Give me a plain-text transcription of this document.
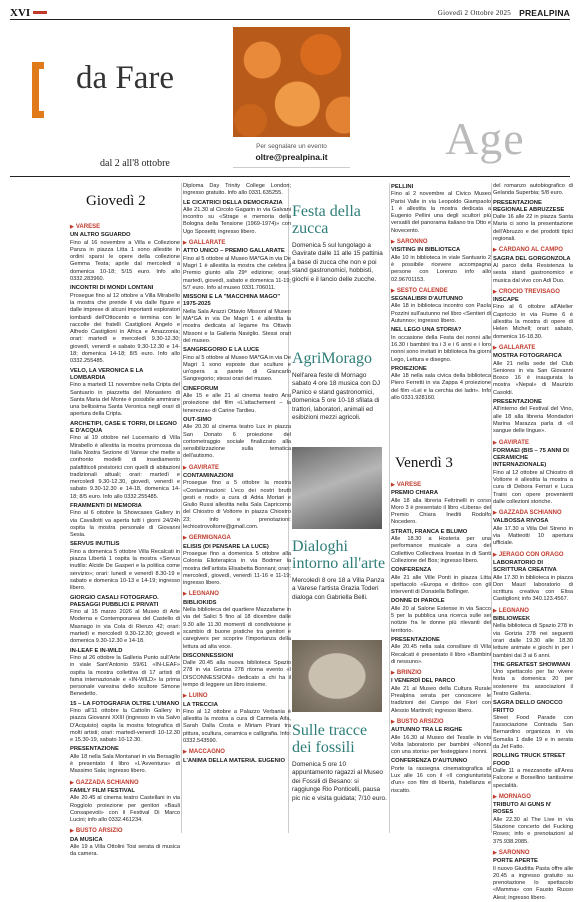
XVI	Giovedì 2 Ottobre 2025 PREALPINA
da Fare
dal 2 all'8 ottobre
Per segnalare un evento
oltre@prealpina.it	Age
Giovedì 2
▶ VARESE
UN ALTRO SGUARDO
Fino al 16 novembre a Villa e Collezione Panza in piazza Litta 1 sono allestite in ordini sparsi le opere della collezione Gemma Testa; aprile dal mercoledì a domenica 10-18; 5/15 euro. Info allo 0332.283960.
INCONTRI DI MONDI LONTANI
Prosegue fino al 12 ottobre a Villa Mirabello la mostra che prende il via dalle figure e dalle imprese di alcuni importanti esploratori lombardi dell'Ottocento e termina con le raccolte dei fratelli Castiglioni Angelo e Alfredo Castiglioni in Africa e Amazzonia; orari: martedì e mercoledì 9.30-12.30; giovedì, venerdì e sabato 9.30-12.30 e 14-18; domenica 14-18; 8/5 euro. Info allo 0332.255485.
VELO, LA VERONICA E LA LOMBARDIA
Fino a martedì 11 novembre nella Cripta del Santuario in piazzetta del Monastero di Santa Maria del Monte è possibile ammirare una bellissima Santa Veronica negli orari di apertura della Cripta.
ARCHETIPI, CASE E TORRI, DI LEGNO E D'ACQUA
Fino al 19 ottobre nel Lucernario di Villa Mirabello è allestita la mostra promossa da Italia Nostra Sezione di Varese che mette a confronto modelli di insediamento palafitticoli preistorici con quelli di abitazioni tradizionali attuali; orari: martedì e mercoledì 9.30-12.30, giovedì, venerdì e sabato 9.30-12.30 e 14-18, domenica 14-18; 8/5 euro. Info allo 0332.255485.
FRAMMENTI DI MEMORIA
Fino al 6 ottobre la Showcases Gallery in via Cavallotti va aperta tutti i giorni 24/24h ospita la mostra personale di Giovanni Sesia.
SERVUS INUTILIS
Fino a domenica 5 ottobre Villa Recalcati in piazza Libertà 1 ospita la mostra «Servus inutilis: Alcide De Gasperi e la politica come servizio»; orari: lunedì e venerdì 8.30-19 e sabato e domenica 10-13 e 14-19; ingresso libero.
GIORGIO CASALI FOTOGRAFO. PAESAGGI PUBBLICI E PRIVATI
Fino al 15 marzo 2026 al Museo di Arte Moderna e Contemporanea del Castello di Masnago in via Cola di Rienzo 42; orari: martedì e mercoledì 9.30-12.30; giovedì e domenica 9.30-12.30 e 14-18.
IN-LEAF E IN-WILD
Fino al 26 ottobre la Galleria Punto sull'Arte in viale Sant'Antonio 59/61 «IN-LEAF» ospita la mostra collettiva di 17 artisti di fama internazionale e «IN-WILD» la prima personale varesina dello scultore Simone Benedetto.
15 – LA FOTOGRAFIA OLTRE L'UMANO
Fino all'11 ottobre la Cattolin Gallery in piazza Giovanni XXIII (ingresso in via Salvo D'Acquisto) ospita la mostra fotografica di molti artisti; orari: martedì-venerdì 10-12.30 e 15.30-19, sabato 10-12.30.
PRESENTAZIONE
Alle 18 nella Sala Montanari in via Bersaglio è presentato il libro «L'Avventura» di Massimo Sala; ingresso libero.
▶ GAZZADA SCHIANNO
FAMILY FILM FESTIVAL
Alle 20.45 al cinema teatro Castellani in via Roggiolo proiezione per genitori «Bauli Consapevoli» con il Festival Di Marco Lucini; info allo 0332.461234.
▶ BUSTO ARSIZIO
DA MUSICA
Alle 19 a Villa Ottolini Tosi serata di musica da camera.
Diploma Day Trinity College London; ingresso gratuito. Info allo 0331.635255.
LE CICATRICI DELLA DEMOCRAZIA
Alle 21.30 al Circolo Gagarin in via Galvani incontro su «Strage e memoria della Bologna della Tensione (1969-1974)» con Ugo Sposetti; ingresso libero.
▶ GALLARATE
ATTO UNICO – PREMIO GALLARATE
Fino al 5 ottobre al Museo MA*GA in via De Magri 1 è allestita la mostra che celebra il Premio giunto alla 29ª edizione; orari: martedì, giovedì, sabato e domenica 11-19; 5/7 euro. Info al museo 0331.706011.
MISSONI E LA "MACCHINA MAGO" 1975-2025
Nella Sala Arazzi Ottavio Missoni al Museo MA*GA in via De Magri 1 è allestita la mostra dedicata al legame fra Ottavio Missoni e la Galleria Naviglio. Stessi orari del museo.
SANGREGORIO E LA LUCE
Fino al 5 ottobre al Museo MA*GA in via De Magri 1 sono esposte due sculture e un'opera a parete di Giancarlo Sangregorio; stessi orari del museo.
CINEFORUM
Alle 15 e alle 21 al cinema teatro Arsi proiezione del film «L'attachement – la tenerezza» di Carine Tardieu.
OUT-SIMO
Alle 20.30 al cinema teatro Lux in piazza San Donato 6 proiezione del cortometraggio sociale finalizzato alla sensibilizzazione sulla tematica dell'autismo.
▶ GAVIRATE
CONTAMINAZIONI
Prosegue fino a 5 ottobre la mostra «Contaminazioni: L'eco dei nostri brutti gesti e nodi» a cura di Adria Mortari e Giulio Russi allestita nella Sala Capricorno del Chiostro di Voltorre in piazza Chiostro 23; info e prenotazioni: lechiostrovoltorre@gmail.com.
▶ GERMIGNAGA
ELISIS (DI PENSARE LA LUCE)
Prosegue fino a domenica 5 ottobre alla Colonia Elioterapica in via Bodmer la mostra dell'artista Elisabetta Bonnani; orari: mercoledì, giovedì, venerdì 11-16 e 11-19; ingresso libero.
▶ LEGNANO
BIBLIOKIDS
Nella biblioteca del quartiere Mazzafame in via del Salici 5 fino al 18 dicembre dalle 9.30 alle 11.30 momenti di condivisione e scambio di buone pratiche tra genitori e caregivers per scoprire l'importanza della lettura ad alta voce.
DISCONNESSIONI
Dalle 20.45 alla nuova biblioteca Spazio 278 in via Gorizia 278 ritorna evento «I DISCONNESSIONI» dedicato a chi ha il tempo di leggere un libro insieme.
▶ LUINO
LA TRECCIA
Fino al 12 ottobre a Palazzo Verbania è allestita la mostra a cura di Carmela Aifa, Sarah Dalla Costa e Miriam Pirani tra pittura, scultura, ceramica e calligrafia. Info: 0332.543590.
▶ MACCAGNO
L'ANIMA DELLA MATERIA. EUGENIO
Festa della zucca
Domenica 5 sul lungolago a Gavirate dalle 11 alle 15 pattinia a base di zucca che non e poi stand gastronomici, hobbisti, giochi e il lancio delle zucche.
AgriMorago
Nell'area feste di Mornago sabato 4 ore 18 musica con DJ Panico e stand gastronomici, domenica 5 ore 10-18 sfilata di trattori, laboratori, animali ed esibizioni mezzi agricoli.
Dialoghi intorno all'arte
Mercoledì 8 ore 18 a Villa Panza a Varese l'artista Grazia Toderi dialoga con Gabriella Belli.
Sulle tracce dei fossili
Domenica 5 ore 10 appuntamento ragazzi al Museo dei Fossili di Besano: si raggiunge Rio Ponticelli, pausa pic nic e visita guidata; 7/10 euro.
PELLINI
Fino al 2 novembre al Civico Museo Parisi Valle in via Leopoldo Giampaolo 1 è allestita la mostra dedicata a Eugenio Pellini una degli scultori più versatili del panorama italiano tra Otto e Novecento.
▶ SARONNO
VISITING IN BIBLIOTECA
Alle 10 in biblioteca in viale Santuario 2 è possibile ricevere accompagna persone con Lorenzo info allo 02.96701153.
▶ SESTO CALENDE
SEGNALIBRI D'AUTUNNO
Alle 18 in biblioteca incontro con Paola Pozzini sull'autunno nel libro «Sentieri di Autunno»; ingresso libero.
NEL LEGO UNA STORIA?
In occasione della Festa dei nonni alle 16.30 i bambini tra i 3 e i 6 anni e i loro nonni sono invitati in biblioteca fra giorni Lego, Lettura e disegno.
PROIEZIONE
Alle 18 nella sala civica della biblioteca Piero Ferretti in via Zappa 4 proiezione del film «Lei e la cerchia dei ladri». Info allo 0331.928160.
Venerdì 3
▶ VARESE
PREMIO CHIARA
Alle 18 alla libreria Feltrinelli in corso Moro 3 è presentato il libro «Libera» del Premio Chiara Inediti Rodolfo Nocedero.
STRATI, FRANCA E BLUMO
Alle 18.30 a Hosteria per una performance musicale a cura del Collettivo Collectivea Insetas in di Santi Collezione del Bos; ingresso libero.
CONFERENZA
Alle 21 alle Ville Ponti in piazza Litta spettacolo «Europa e diritto» con gli interventi di Donatella Bollinger.
DONNE DI PAROLE
Alle 20 al Salone Estense in via Sacco 5 per la pubblica una ricerca sulle sei notizie fra le donne più rilevanti del territorio.
PRESENTAZIONE
Alle 20.45 nella sala consiliare di Villa Recalcati è presentato il libro «Bambini di nessuno».
▶ BRINZIO
I VENERDÌ DEL PARCO
Alle 21 al Museo della Cultura Rurale Prealpina serata per conoscere le tradizioni dei Campo dei Fiori con Alessio Martinoli; ingresso libero.
▶ BUSTO ARSIZIO
AUTUNNO TRA LE RIGHE
Alle 16.30 al Museo del Tessile in via Volta laboratorio per bambini «Nonni con una storia» per festeggiare i nonni.
CONFERENZA D'AUTUNNO
Porte la rassegna cinematografica al Lux alle 16 con il «Il congiunturista d'un» con film di libertà, fratellanza e riscatto.
del romanzo autobiografico di Gelanda Superbia; 5/8 euro.
PRESENTAZIONE REGIONALE ABRUZZESE
Dalle 16 alle 22 in piazza Santa Maria ci sono la presentazione dell'Abruzzo e dei prodotti tipici regionali.
▶ CARDANO AL CAMPO
SAGRA DEL GORGONZOLA
Al parco della Resistenza la sesta stand gastronomico e musica dal vivo con Adi Duo.
▶ CROCIO TREVISAGO
INSCAPE
Fino al 6 ottobre all'Atelier Capriccio in via Fiume 6 è allestita la mostra di opere di Helen Michell; orari: sabato, domenica 16-18.30.
▶ GALLARATE
MOSTRA FOTOGRAFICA
Alle 21 nella sede del Club Seniores in via San Giovanni Bosco 16 è inaugurata la mostra «Nepal» di Maurizio Casoldi.
PRESENTAZIONE
All'interno del Festival del Vino, alle 18 alla libreria Mondadori Marina Marazza parla di «Il sangue delle lingue».
▶ GAVIRATE
FORMAEI (BIS – 75 ANNI DI CERAMICHE INTERNAZIONALE)
Fino al 12 ottobre al Chiostro di Voltorre è allestita la mostra a cura di Debora Ferrari e Luca Traini con opere provenienti dalle collezioni storiche.
▶ GAZZADA SCHIANNO
VALBOSSA RIVOSA
Alle 17.30 a Villa Del Streno in via Matteotti 10 apertura ufficiale.
▶ JERAGO CON ORAGO
LABORATORIO DI SCRITTURA CREATIVA
Alle 17.30 in biblioteca in piazza Don Mauri laboratorio di scrittura creativa con Elisa Castiglioni; info 340.123.4567.
▶ LEGNANO
BIBLIOWEEK
Nella biblioteca di Spazio 278 in via Gorizia 278 nei seguenti orari dalle 19.30 alle 18.30 letture animate e giochi in per i bambini dai 3 ai 6 anni.
THE GREATEST SHOWMAN
Uno spettacolo per far vivere festa a domenica 20 per sostenere tra associazioni il Teatro Galleria.
SAGRA DELLO GNOCCO FRITTO
Street Food Parade con l'associazione Contrada San Bernardino organizza in via Somalia 1 dalle 19 e in serata da Jet Fatto.
ROLLING TRUCK STREET FOOD
Dalle 11 a mezzanotte all'Area Falcone e Borsellino tantissime specialità.
▶ MORNAGO
TRIBUTO AI GUNS N' ROSES
Alle 22.30 al The Live in via Stazione concerto dei Fucking Roses; info e prenotazioni al 375.938.2085.
▶ SARONNO
PORTE APERTE
Il nuovo Giuditta Pasta offre alle 20.45 a ingresso gratuito su prenotazione lo spettacolo «Mamma» con Fausto Russo Alesi; ingresso libero.
